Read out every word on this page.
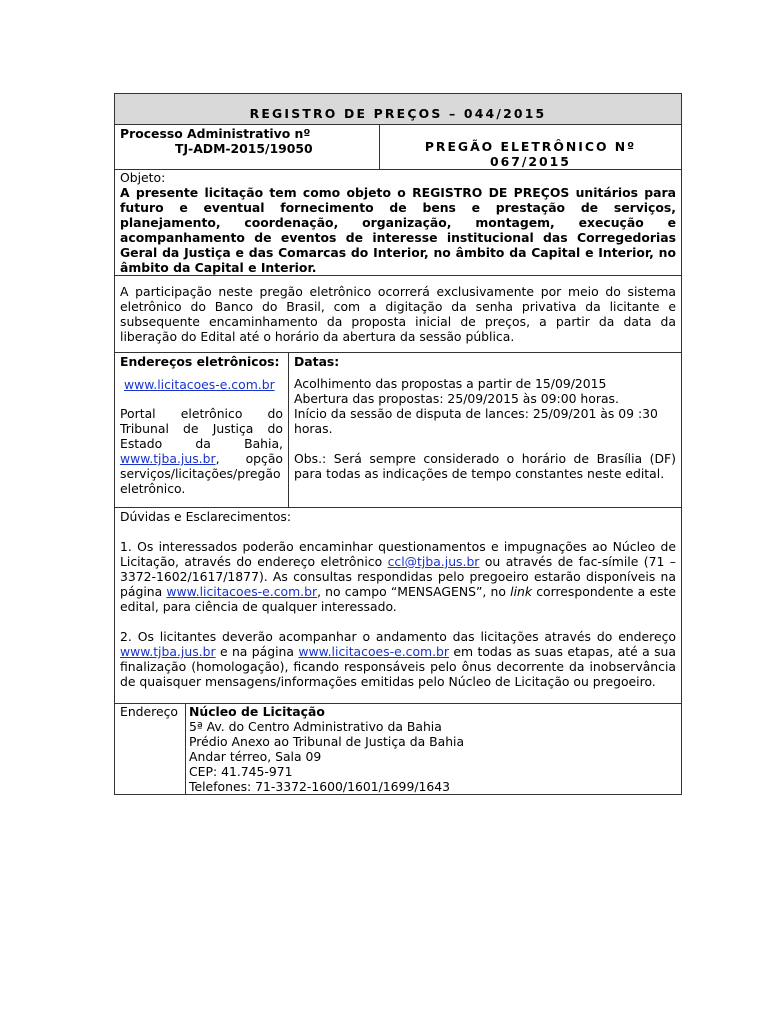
REGISTRO DE PREÇOS – 044/2015
Processo Administrativo nº
TJ-ADM-2015/19050	PREGÃO ELETRÔNICO Nº
067/2015
Objeto:
A presente licitação tem como objeto o REGISTRO DE PREÇOS unitários para futuro e eventual fornecimento de bens e prestação de serviços, planejamento, coordenação, organização, montagem, execução e acompanhamento de eventos de interesse institucional das Corregedorias Geral da Justiça e das Comarcas do Interior, no âmbito da Capital e Interior, no âmbito da Capital e Interior.
A participação neste pregão eletrônico ocorrerá exclusivamente por meio do sistema eletrônico do Banco do Brasil, com a digitação da senha privativa da licitante e subsequente encaminhamento da proposta inicial de preços, a partir da data da liberação do Edital até o horário da abertura da sessão pública.
Endereços eletrônicos:
www.licitacoes-e.com.br
Portal eletrônico do Tribunal de Justiça do Estado da Bahia, www.tjba.jus.br, opção serviços/licitações/pregão eletrônico.
Datas:
Acolhimento das propostas a partir de 15/09/2015
Abertura das propostas: 25/09/2015 às 09:00 horas.
Início da sessão de disputa de lances: 25/09/201 às 09 :30 horas.
Obs.: Será sempre considerado o horário de Brasília (DF) para todas as indicações de tempo constantes neste edital.
Dúvidas e Esclarecimentos:
1. Os interessados poderão encaminhar questionamentos e impugnações ao Núcleo de Licitação, através do endereço eletrônico ccl@tjba.jus.br ou através de fac-símile (71 – 3372-1602/1617/1877). As consultas respondidas pelo pregoeiro estarão disponíveis na página www.licitacoes-e.com.br, no campo “MENSAGENS”, no link correspondente a este edital, para ciência de qualquer interessado.
2. Os licitantes deverão acompanhar o andamento das licitações através do endereço www.tjba.jus.br e na página www.licitacoes-e.com.br em todas as suas etapas, até a sua finalização (homologação), ficando responsáveis pelo ônus decorrente da inobservância de quaisquer mensagens/informações emitidas pelo Núcleo de Licitação ou pregoeiro.
Endereço Núcleo de Licitação
5ª Av. do Centro Administrativo da Bahia
Prédio Anexo ao Tribunal de Justiça da Bahia
Andar térreo, Sala 09
CEP: 41.745-971
Telefones: 71-3372-1600/1601/1699/1643
